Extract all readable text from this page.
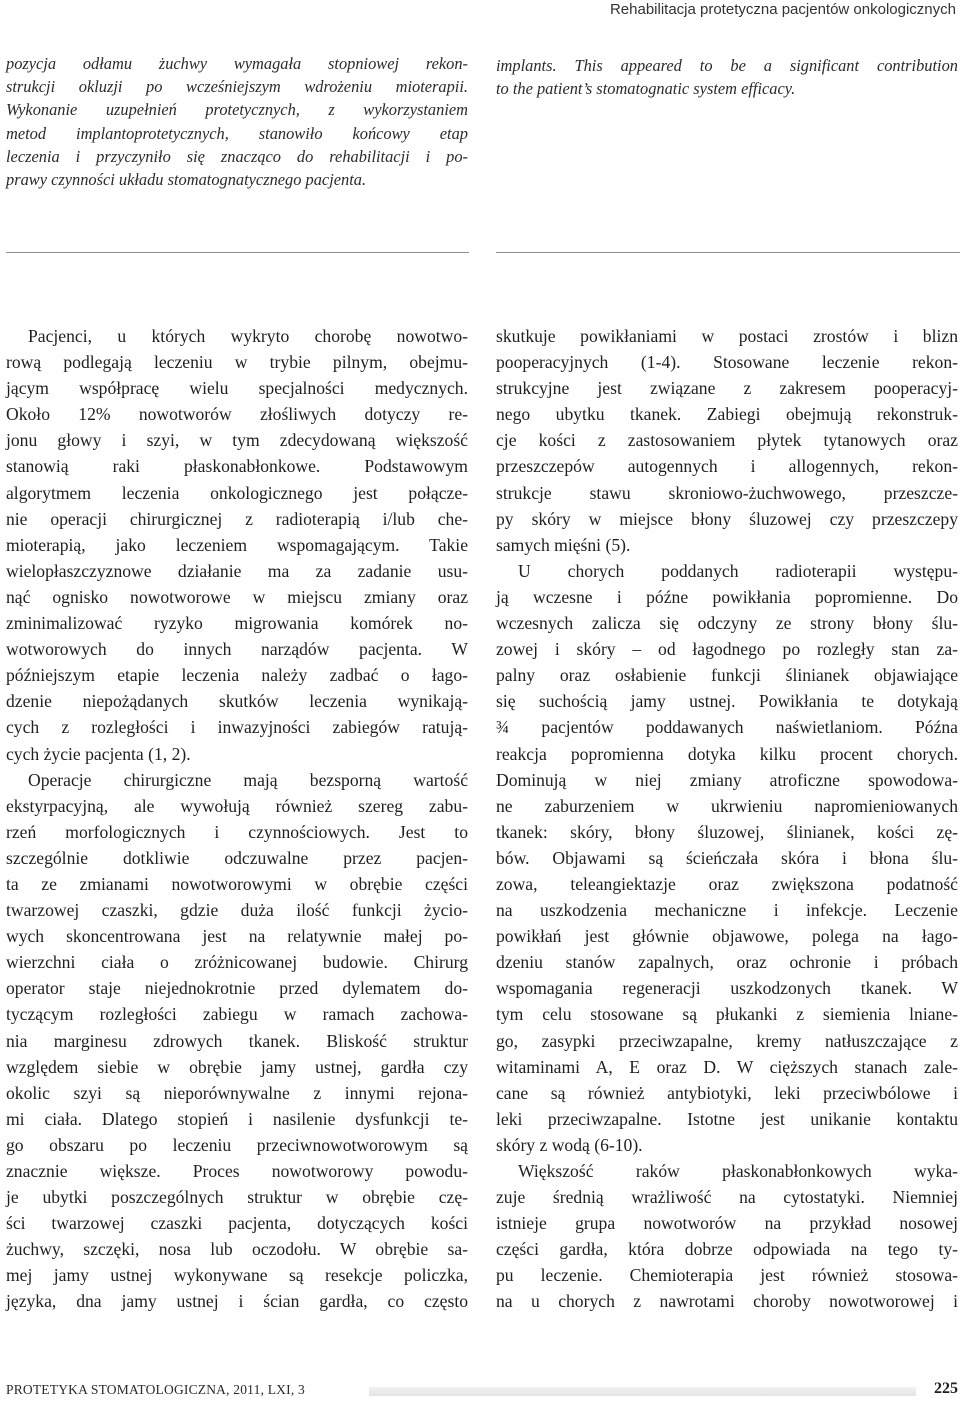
Rehabilitacja protetyczna pacjentów onkologicznych

pozycja odłamu żuchwy wymagała stopniowej rekon-
strukcji okluzji po wcześniejszym wdrożeniu mioterapii.
Wykonanie uzupełnień protetycznych, z wykorzystaniem
metod implantoprotetycznych, stanowiło końcowy etap
leczenia i przyczyniło się znacząco do rehabilitacji i po-
prawy czynności układu stomatognatycznego pacjenta.

implants. This appeared to be a significant contribution
to the patient’s stomatognatic system efficacy.

Pacjenci, u których wykryto chorobę nowotwo-
rową podlegają leczeniu w trybie pilnym, obejmu-
jącym współpracę wielu specjalności medycznych.
Około 12% nowotworów złośliwych dotyczy re-
jonu głowy i szyi, w tym zdecydowaną większość
stanowią raki płaskonabłonkowe. Podstawowym
algorytmem leczenia onkologicznego jest połącze-
nie operacji chirurgicznej z radioterapią i/lub che-
mioterapią, jako leczeniem wspomagającym. Takie
wielopłaszczyznowe działanie ma za zadanie usu-
nąć ognisko nowotworowe w miejscu zmiany oraz
zminimalizować ryzyko migrowania komórek no-
wotworowych do innych narządów pacjenta. W
późniejszym etapie leczenia należy zadbać o łago-
dzenie niepożądanych skutków leczenia wynikają-
cych z rozległości i inwazyjności zabiegów ratują-
cych życie pacjenta (1, 2).
Operacje chirurgiczne mają bezsporną wartość
ekstyrpacyjną, ale wywołują również szereg zabu-
rzeń morfologicznych i czynnościowych. Jest to
szczególnie dotkliwie odczuwalne przez pacjen-
ta ze zmianami nowotworowymi w obrębie części
twarzowej czaszki, gdzie duża ilość funkcji życio-
wych skoncentrowana jest na relatywnie małej po-
wierzchni ciała o zróżnicowanej budowie. Chirurg
operator staje niejednokrotnie przed dylematem do-
tyczącym rozległości zabiegu w ramach zachowa-
nia marginesu zdrowych tkanek. Bliskość struktur
względem siebie w obrębie jamy ustnej, gardła czy
okolic szyi są nieporównywalne z innymi rejona-
mi ciała. Dlatego stopień i nasilenie dysfunkcji te-
go obszaru po leczeniu przeciwnowotworowym są
znacznie większe. Proces nowotworowy powodu-
je ubytki poszczególnych struktur w obrębie czę-
ści twarzowej czaszki pacjenta, dotyczących kości
żuchwy, szczęki, nosa lub oczodołu. W obrębie sa-
mej jamy ustnej wykonywane są resekcje policzka,
języka, dna jamy ustnej i ścian gardła, co często
skutkuje powikłaniami w postaci zrostów i blizn
pooperacyjnych (1-4). Stosowane leczenie rekon-
strukcyjne jest związane z zakresem pooperacyj-
nego ubytku tkanek. Zabiegi obejmują rekonstruk-
cje kości z zastosowaniem płytek tytanowych oraz
przeszczepów autogennych i allogennych, rekon-
strukcje stawu skroniowo-żuchwowego, przeszcze-
py skóry w miejsce błony śluzowej czy przeszczepy
samych mięśni (5).
U chorych poddanych radioterapii występu-
ją wczesne i późne powikłania popromienne. Do
wczesnych zalicza się odczyny ze strony błony ślu-
zowej i skóry – od łagodnego po rozległy stan za-
palny oraz osłabienie funkcji ślinianek objawiające
się suchością jamy ustnej. Powikłania te dotykają
¾ pacjentów poddawanych naświetlaniom. Późna
reakcja popromienna dotyka kilku procent chorych.
Dominują w niej zmiany atroficzne spowodowa-
ne zaburzeniem w ukrwieniu napromieniowanych
tkanek: skóry, błony śluzowej, ślinianek, kości zę-
bów. Objawami są ścieńczała skóra i błona ślu-
zowa, teleangiektazje oraz zwiększona podatność
na uszkodzenia mechaniczne i infekcje. Leczenie
powikłań jest głównie objawowe, polega na łago-
dzeniu stanów zapalnych, oraz ochronie i próbach
wspomagania regeneracji uszkodzonych tkanek. W
tym celu stosowane są płukanki z siemienia lniane-
go, zasypki przeciwzapalne, kremy natłuszczające z
witaminami A, E oraz D. W cięższych stanach zale-
cane są również antybiotyki, leki przeciwbólowe i
leki przeciwzapalne. Istotne jest unikanie kontaktu
skóry z wodą (6-10).
Większość raków płaskonabłonkowych wyka-
zuje średnią wrażliwość na cytostatyki. Niemniej
istnieje grupa nowotworów na przykład nosowej
części gardła, która dobrze odpowiada na tego ty-
pu leczenie. Chemioterapia jest również stosowa-
na u chorych z nawrotami choroby nowotworowej i
PROTETYKA STOMATOLOGICZNA, 2011, LXI, 3	225
